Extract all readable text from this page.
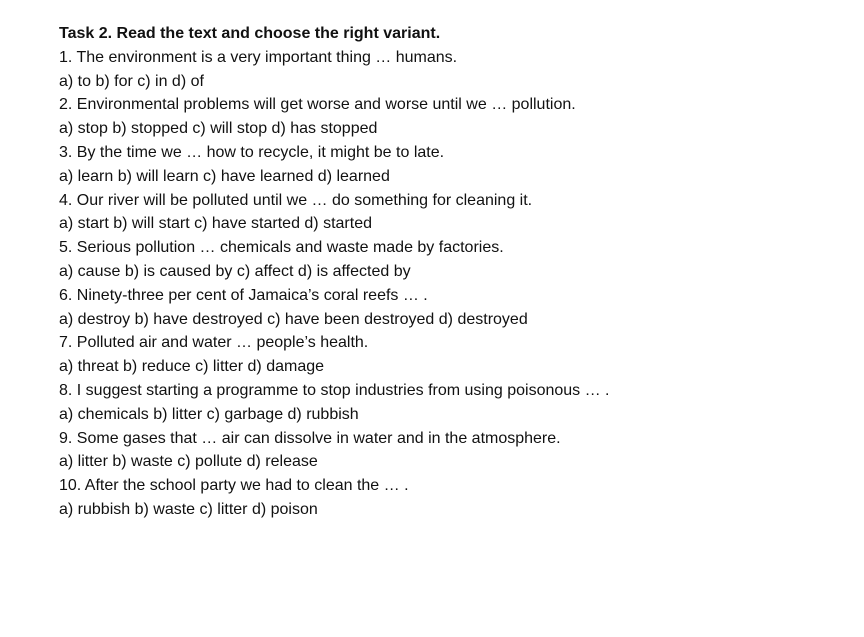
Task 2. Read the text and choose the right variant.

1. The environment is a very important thing … humans.

a) to b) for c) in d) of

2. Environmental problems will get worse and worse until we … pollution.

a) stop b) stopped c) will stop d) has stopped

3. By the time we … how to recycle, it might be to late.

a) learn b) will learn c) have learned d) learned

4. Our river will be polluted until we … do something for cleaning it.

a) start b) will start c) have started d) started

5. Serious pollution … chemicals and waste made by factories.

a) cause b) is caused by c) affect d) is affected by

6. Ninety-three per cent of Jamaica’s coral reefs … .

a) destroy b) have destroyed c) have been destroyed d) destroyed

7. Polluted air and water … people’s health.

a) threat b) reduce c) litter d) damage

8. I suggest starting a programme to stop industries from using poisonous … .

a) chemicals b) litter c) garbage d) rubbish

9. Some gases that … air can dissolve in water and in the atmosphere.

a) litter b) waste c) pollute d) release

10. After the school party we had to clean the … .

a) rubbish b) waste c) litter d) poison
